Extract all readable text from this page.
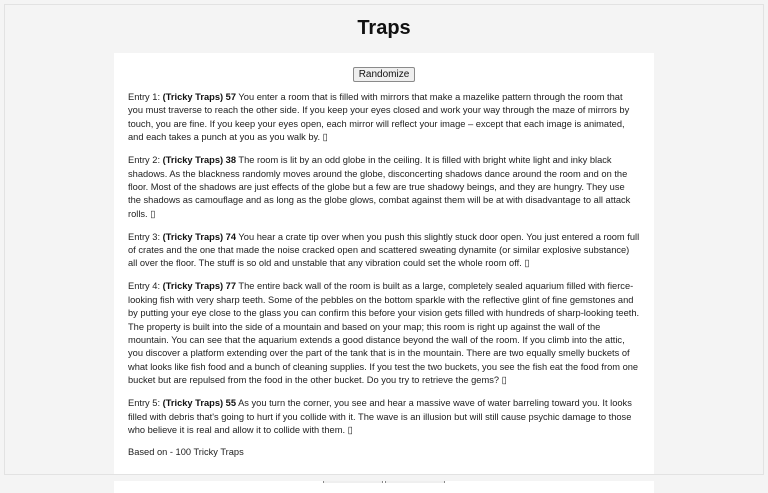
Traps
Randomize

Entry 1: (Tricky Traps) 57 You enter a room that is filled with mirrors that make a mazelike pattern through the room that you must traverse to reach the other side. If you keep your eyes closed and work your way through the maze of mirrors by touch, you are fine. If you keep your eyes open, each mirror will reflect your image – except that each image is animated, and each takes a punch at you as you walk by. ▯

Entry 2: (Tricky Traps) 38 The room is lit by an odd globe in the ceiling. It is filled with bright white light and inky black shadows. As the blackness randomly moves around the globe, disconcerting shadows dance around the room and on the floor. Most of the shadows are just effects of the globe but a few are true shadowy beings, and they are hungry. They use the shadows as camouflage and as long as the globe glows, combat against them will be at with disadvantage to all attack rolls. ▯

Entry 3: (Tricky Traps) 74 You hear a crate tip over when you push this slightly stuck door open. You just entered a room full of crates and the one that made the noise cracked open and scattered sweating dynamite (or similar explosive substance) all over the floor. The stuff is so old and unstable that any vibration could set the whole room off. ▯

Entry 4: (Tricky Traps) 77 The entire back wall of the room is built as a large, completely sealed aquarium filled with fierce-looking fish with very sharp teeth. Some of the pebbles on the bottom sparkle with the reflective glint of fine gemstones and by putting your eye close to the glass you can confirm this before your vision gets filled with hundreds of sharp-looking teeth. The property is built into the side of a mountain and based on your map; this room is right up against the wall of the mountain. You can see that the aquarium extends a good distance beyond the wall of the room. If you climb into the attic, you discover a platform extending over the part of the tank that is in the mountain. There are two equally smelly buckets of what looks like fish food and a bunch of cleaning supplies. If you test the two buckets, you see the fish eat the food from one bucket but are repulsed from the food in the other bucket. Do you try to retrieve the gems? ▯

Entry 5: (Tricky Traps) 55 As you turn the corner, you see and hear a massive wave of water barreling toward you. It looks filled with debris that's going to hurt if you collide with it. The wave is an illusion but will still cause psychic damage to those who believe it is real and allow it to collide with them. ▯

Based on - 100 Tricky Traps
